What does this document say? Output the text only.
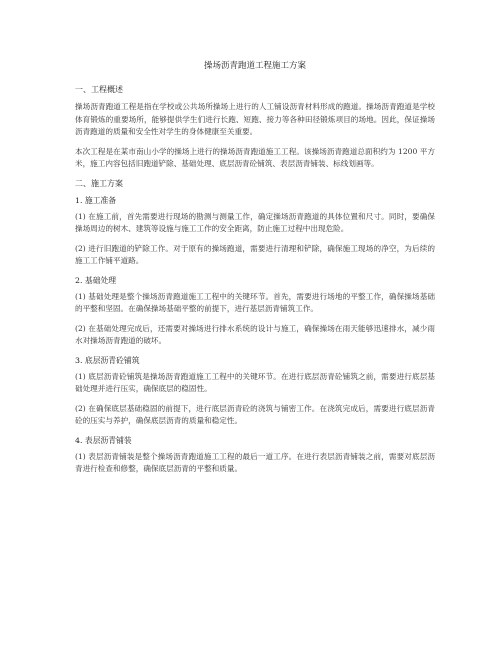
操场沥青跑道工程施工方案
一、工程概述

操场沥青跑道工程是指在学校或公共场所操场上进行的人工铺设沥青材料形成的跑道。操场沥青跑道是学校体育锻炼的重要场所，能够提供学生们进行长跑、短跑、接力等各种田径锻炼项目的场地。因此，保证操场沥青跑道的质量和安全性对学生的身体健康至关重要。

本次工程是在某市南山小学的操场上进行的操场沥青跑道施工工程。该操场沥青跑道总面积约为 1200 平方米，施工内容包括旧跑道铲除、基础处理、底层沥青砼铺筑、表层沥青铺装、标线划画等。

二、施工方案
1. 施工准备

(1) 在施工前，首先需要进行现场的勘测与测量工作，确定操场沥青跑道的具体位置和尺寸。同时，要确保操场周边的树木、建筑等设施与施工工作的安全距离，防止施工过程中出现危险。

(2) 进行旧跑道的铲除工作。对于原有的操场跑道，需要进行清理和铲除，确保施工现场的净空，为后续的施工工作铺平道路。

2. 基础处理

(1) 基础处理是整个操场沥青跑道施工工程中的关键环节。首先，需要进行场地的平整工作，确保操场基础的平整和坚固。在确保操场基础平整的前提下，进行基层沥青铺筑工作。

(2) 在基础处理完成后，还需要对操场进行排水系统的设计与施工，确保操场在雨天能够迅速排水，减少雨水对操场沥青跑道的破坏。

3. 底层沥青砼铺筑

(1) 底层沥青砼铺筑是操场沥青跑道施工工程中的关键环节。在进行底层沥青砼铺筑之前，需要进行底层基础处理并进行压实，确保底层的稳固性。

(2) 在确保底层基础稳固的前提下，进行底层沥青砼的浇筑与铺密工作。在浇筑完成后，需要进行底层沥青砼的压实与养护，确保底层沥青的质量和稳定性。

4. 表层沥青铺装

(1) 表层沥青铺装是整个操场沥青跑道施工工程的最后一道工序。在进行表层沥青铺装之前，需要对底层沥青进行检查和修整，确保底层沥青的平整和质量。
